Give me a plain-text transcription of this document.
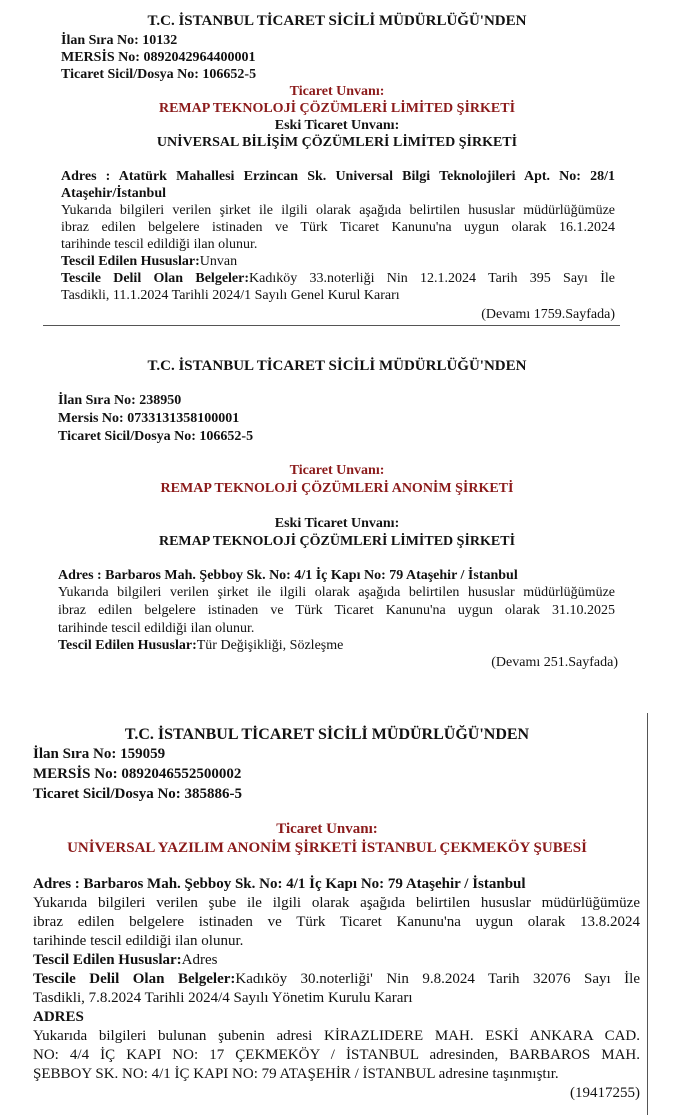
T.C. İSTANBUL TİCARET SİCİLİ MÜDÜRLÜĞÜ'NDEN
İlan Sıra No: 10132
MERSİS No: 0892042964400001
Ticaret Sicil/Dosya No: 106652-5
Ticaret Unvanı:
REMAP TEKNOLOJİ ÇÖZÜMLERİ LİMİTED ŞİRKETİ
Eski Ticaret Unvanı:
UNİVERSAL BİLİŞİM ÇÖZÜMLERİ LİMİTED ŞİRKETİ
Adres : Atatürk Mahallesi Erzincan Sk. Universal Bilgi Teknolojileri Apt. No: 28/1
Ataşehir/İstanbul
Yukarıda bilgileri verilen şirket ile ilgili olarak aşağıda belirtilen hususlar müdürlüğümüze
ibraz edilen belgelere istinaden ve Türk Ticaret Kanunu'na uygun olarak 16.1.2024
tarihinde tescil edildiği ilan olunur.
Tescil Edilen Hususlar:Unvan
Tescile Delil Olan Belgeler:Kadıköy 33.noterliği Nin 12.1.2024 Tarih 395 Sayı İle
Tasdikli, 11.1.2024 Tarihli 2024/1 Sayılı Genel Kurul Kararı
(Devamı 1759.Sayfada)
T.C. İSTANBUL TİCARET SİCİLİ MÜDÜRLÜĞÜ'NDEN
İlan Sıra No: 238950
Mersis No: 0733131358100001
Ticaret Sicil/Dosya No: 106652-5
Ticaret Unvanı:
REMAP TEKNOLOJİ ÇÖZÜMLERİ ANONİM ŞİRKETİ
Eski Ticaret Unvanı:
REMAP TEKNOLOJİ ÇÖZÜMLERİ LİMİTED ŞİRKETİ
Adres : Barbaros Mah. Şebboy Sk. No: 4/1 İç Kapı No: 79 Ataşehir / İstanbul
Yukarıda bilgileri verilen şirket ile ilgili olarak aşağıda belirtilen hususlar müdürlüğümüze
ibraz edilen belgelere istinaden ve Türk Ticaret Kanunu'na uygun olarak 31.10.2025
tarihinde tescil edildiği ilan olunur.
Tescil Edilen Hususlar:Tür Değişikliği, Sözleşme
(Devamı 251.Sayfada)
T.C. İSTANBUL TİCARET SİCİLİ MÜDÜRLÜĞÜ'NDEN
İlan Sıra No: 159059
MERSİS No: 0892046552500002
Ticaret Sicil/Dosya No: 385886-5
Ticaret Unvanı:
UNİVERSAL YAZILIM ANONİM ŞİRKETİ İSTANBUL ÇEKMEKÖY ŞUBESİ
Adres : Barbaros Mah. Şebboy Sk. No: 4/1 İç Kapı No: 79 Ataşehir / İstanbul
Yukarıda bilgileri verilen şube ile ilgili olarak aşağıda belirtilen hususlar müdürlüğümüze
ibraz edilen belgelere istinaden ve Türk Ticaret Kanunu'na uygun olarak 13.8.2024
tarihinde tescil edildiği ilan olunur.
Tescil Edilen Hususlar:Adres
Tescile Delil Olan Belgeler:Kadıköy 30.noterliği' Nin 9.8.2024 Tarih 32076 Sayı İle
Tasdikli, 7.8.2024 Tarihli 2024/4 Sayılı Yönetim Kurulu Kararı
ADRES
Yukarıda bilgileri bulunan şubenin adresi KİRAZLIDERE MAH. ESKİ ANKARA CAD.
NO: 4/4 İÇ KAPI NO: 17 ÇEKMEKÖY / İSTANBUL adresinden, BARBAROS MAH.
ŞEBBOY SK. NO: 4/1 İÇ KAPI NO: 79 ATAŞEHİR / İSTANBUL adresine taşınmıştır.
(19417255)
